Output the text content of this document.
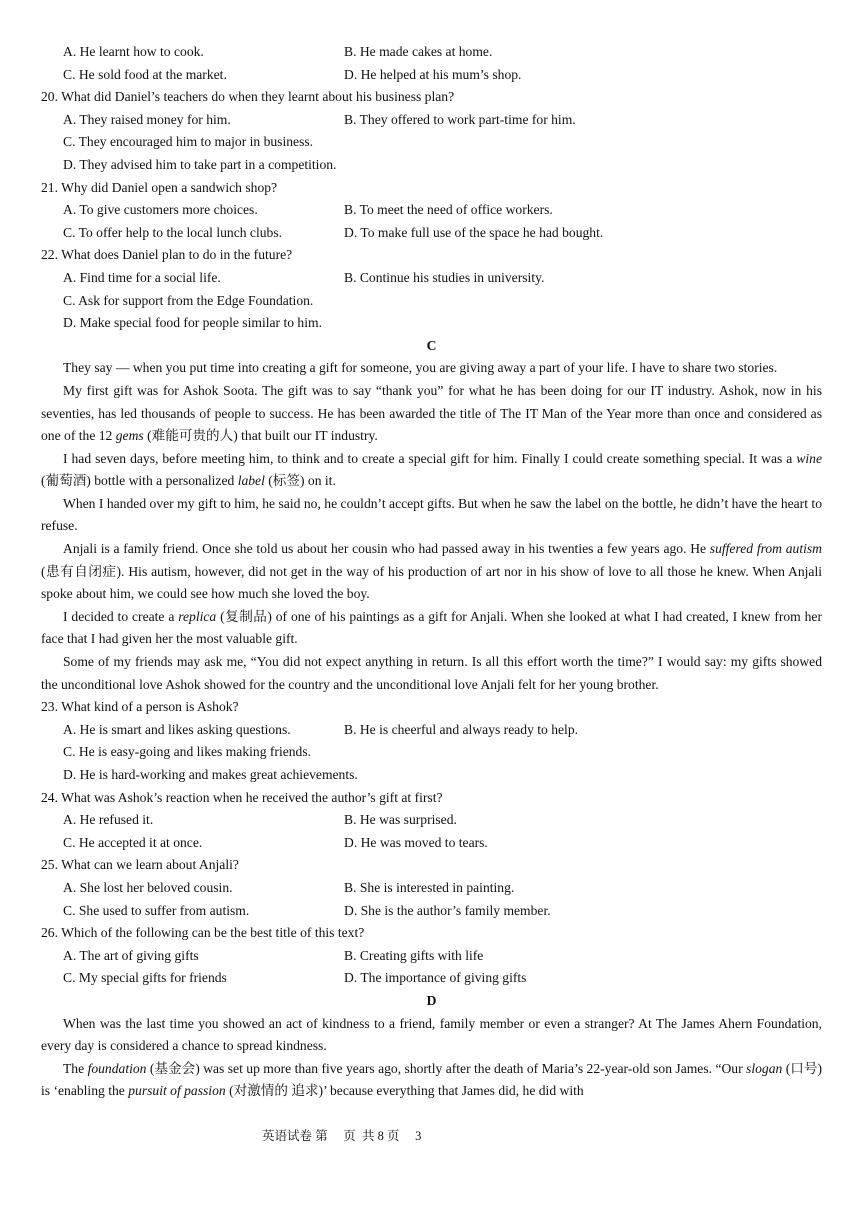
A. He learnt how to cook.	B. He made cakes at home.
C. He sold food at the market.	D. He helped at his mum’s shop.
20. What did Daniel’s teachers do when they learnt about his business plan?
A. They raised money for him.	B. They offered to work part-time for him.
C. They encouraged him to major in business.
D. They advised him to take part in a competition.
21. Why did Daniel open a sandwich shop?
A. To give customers more choices.	B. To meet the need of office workers.
C. To offer help to the local lunch clubs.	D. To make full use of the space he had bought.
22. What does Daniel plan to do in the future?
A. Find time for a social life.	B. Continue his studies in university.
C. Ask for support from the Edge Foundation.
D. Make special food for people similar to him.
C
They say — when you put time into creating a gift for someone, you are giving away a part of your life. I have to share two stories.
My first gift was for Ashok Soota. The gift was to say “thank you” for what he has been doing for our IT industry. Ashok, now in his seventies, has led thousands of people to success. He has been awarded the title of The IT Man of the Year more than once and considered as one of the 12 gems (难能可贵的人) that built our IT industry.
I had seven days, before meeting him, to think and to create a special gift for him. Finally I could create something special. It was a wine (葡萄酒) bottle with a personalized label (标签) on it.
When I handed over my gift to him, he said no, he couldn’t accept gifts. But when he saw the label on the bottle, he didn’t have the heart to refuse.
Anjali is a family friend. Once she told us about her cousin who had passed away in his twenties a few years ago. He suffered from autism (患有自闭症). His autism, however, did not get in the way of his production of art nor in his show of love to all those he knew. When Anjali spoke about him, we could see how much she loved the boy.
I decided to create a replica (复制品) of one of his paintings as a gift for Anjali. When she looked at what I had created, I knew from her face that I had given her the most valuable gift.
Some of my friends may ask me, “You did not expect anything in return. Is all this effort worth the time?” I would say: my gifts showed the unconditional love Ashok showed for the country and the unconditional love Anjali felt for her young brother.
23. What kind of a person is Ashok?
A. He is smart and likes asking questions.	B. He is cheerful and always ready to help.
C. He is easy-going and likes making friends.
D. He is hard-working and makes great achievements.
24. What was Ashok’s reaction when he received the author’s gift at first?
A. He refused it.	B. He was surprised.
C. He accepted it at once.	D. He was moved to tears.
25. What can we learn about Anjali?
A. She lost her beloved cousin.	B. She is interested in painting.
C. She used to suffer from autism.	D. She is the author’s family member.
26. Which of the following can be the best title of this text?
A. The art of giving gifts	B. Creating gifts with life
C. My special gifts for friends	D. The importance of giving gifts
D
When was the last time you showed an act of kindness to a friend, family member or even a stranger? At The James Ahern Foundation, every day is considered a chance to spread kindness.
The foundation (基金会) was set up more than five years ago, shortly after the death of Maria’s 22-year-old son James. “Our slogan (口号) is ‘enabling the pursuit of passion (对激情的 追求)’ because everything that James did, he did with
英语试卷 第     页  共 8 页     3
